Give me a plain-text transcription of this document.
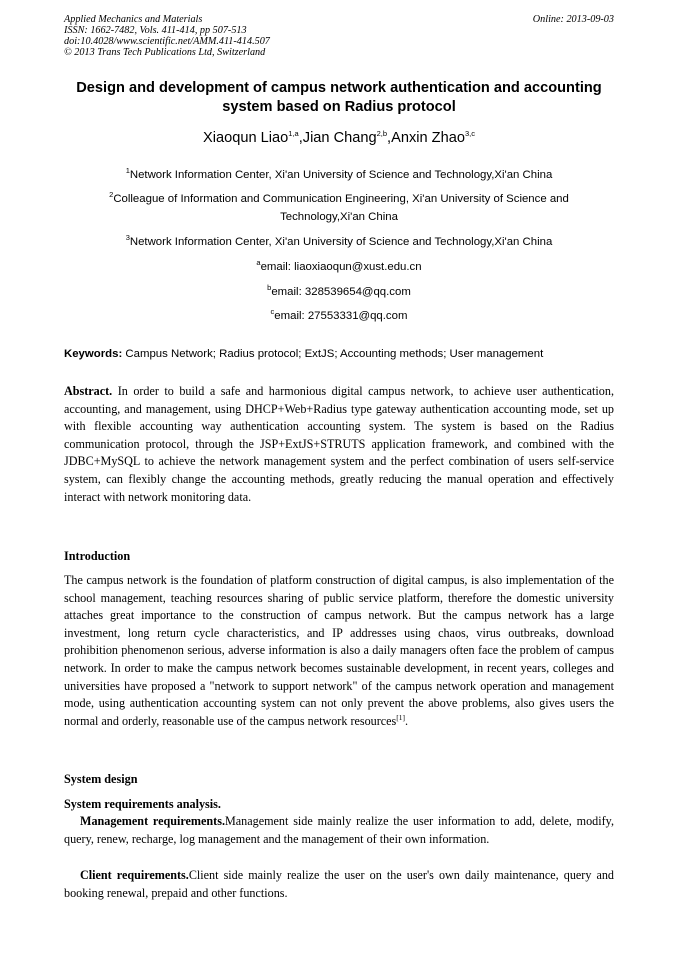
Applied Mechanics and Materials
ISSN: 1662-7482, Vols. 411-414, pp 507-513
doi:10.4028/www.scientific.net/AMM.411-414.507
© 2013 Trans Tech Publications Ltd, Switzerland
Online: 2013-09-03
Design and development of campus network authentication and accounting system based on Radius protocol
Xiaoqun Liao$^{1,a}$,Jian Chang$^{2,b}$,Anxin Zhao$^{3,c}$
$^1$Network Information Center, Xi'an University of Science and Technology,Xi'an China
$^2$Colleague of Information and Communication Engineering, Xi'an University of Science and Technology,Xi'an China
$^3$Network Information Center, Xi'an University of Science and Technology,Xi'an China
$^a$email: liaoxiaoqun@xust.edu.cn
$^b$email: 328539654@qq.com
$^c$email: 27553331@qq.com
Keywords: Campus Network; Radius protocol; ExtJS; Accounting methods; User management
Abstract. In order to build a safe and harmonious digital campus network, to achieve user authentication, accounting, and management, using DHCP+Web+Radius type gateway authentication accounting mode, set up with flexible accounting way authentication accounting system. The system is based on the Radius communication protocol, through the JSP+ExtJS+STRUTS application framework, and combined with the JDBC+MySQL to achieve the network management system and the perfect combination of users self-service system, can flexibly change the accounting methods, greatly reducing the manual operation and effectively interact with network monitoring data.
Introduction
The campus network is the foundation of platform construction of digital campus, is also implementation of the school management, teaching resources sharing of public service platform, therefore the domestic university attaches great importance to the construction of campus network. But the campus network has a large investment, long return cycle characteristics, and IP addresses using chaos, virus outbreaks, download prohibition phenomenon serious, adverse information is also a daily managers often face the problem of campus network. In order to make the campus network becomes sustainable development, in recent years, colleges and universities have proposed a "network to support network" of the campus network operation and management mode, using authentication accounting system can not only prevent the above problems, also gives users the normal and orderly, reasonable use of the campus network resources[1].
System design
System requirements analysis.
Management requirements.Management side mainly realize the user information to add, delete, modify, query, renew, recharge, log management and the management of their own information.
Client requirements.Client side mainly realize the user on the user's own daily maintenance, query and booking renewal, prepaid and other functions.
